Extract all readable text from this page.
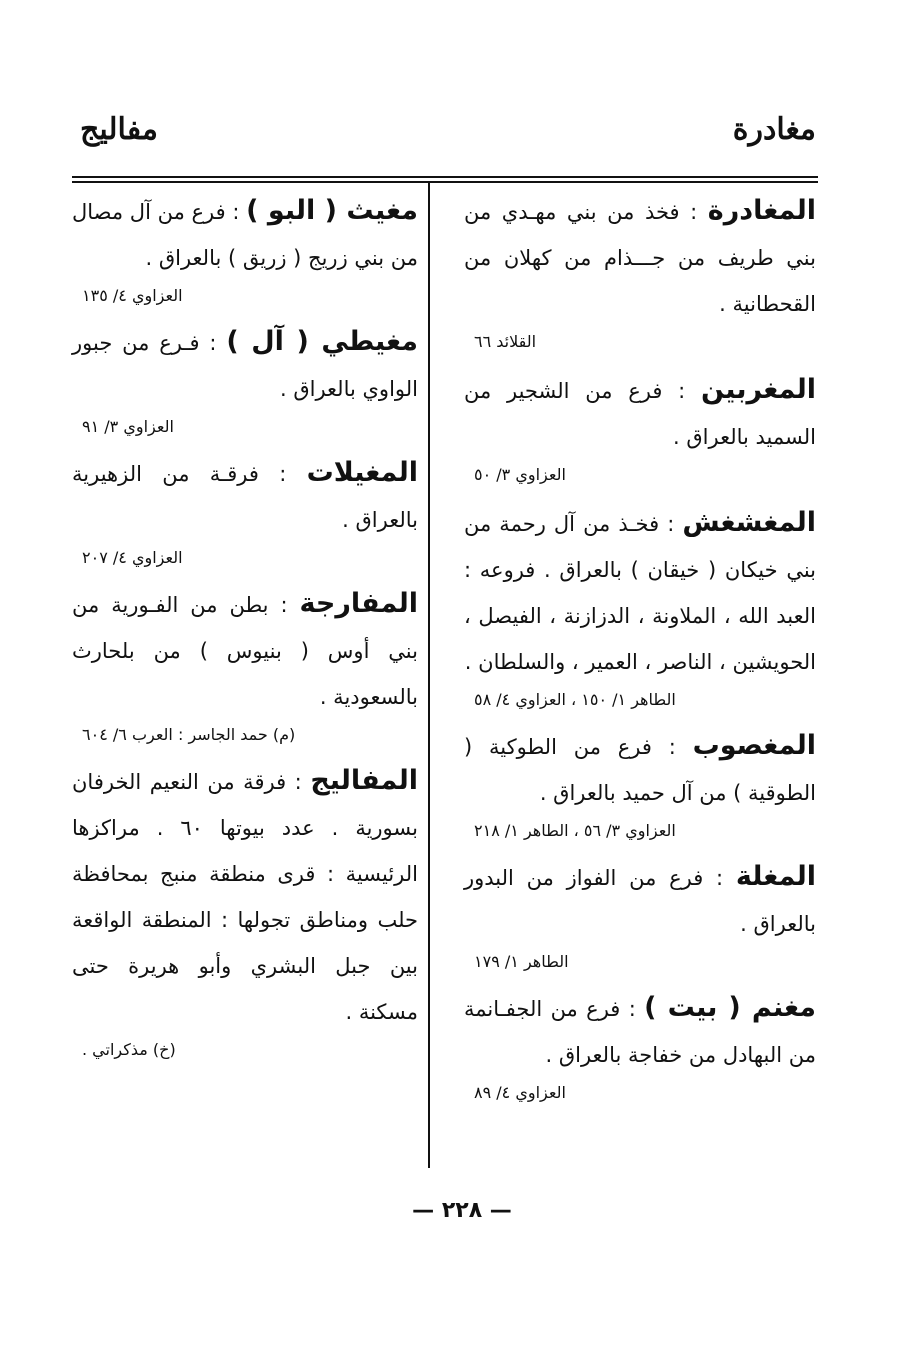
مغادرة
مفاليج
المغادرة : فخذ من بني مهـدي من بني طريف من جـــذام من كهلان من القحطانية .
القلائد ٦٦
المغربين : فرع من الشجير من السميد بالعراق .
العزاوي ٣/ ٥٠
المغشغش : فخـذ من آل رحمة من بني خيكان ( خيقان ) بالعراق . فروعه : العبد الله ، الملاونة ، الدزازنة ، الفيصل ، الحويشين ، الناصر ، العمير ، والسلطان .
الطاهر ١/ ١٥٠ ، العزاوي ٤/ ٥٨
المغصوب : فرع من الطوكية ( الطوقية ) من آل حميد بالعراق .
العزاوي ٣/ ٥٦ ، الطاهر ١/ ٢١٨
المغلة : فرع من الفواز من البدور بالعراق .
الطاهر ١/ ١٧٩
مغنم ( بيت ) : فرع من الجفـانمة من البهادل من خفاجة بالعراق .
العزاوي ٤/ ٨٩
مغيث ( البو ) : فرع من آل مصال من بني زريج ( زريق ) بالعراق .
العزاوي ٤/ ١٣٥
مغيطي ( آل ) : فـرع من جبور الواوي بالعراق .
العزاوي ٣/ ٩١
المغيلات : فرقـة من الزهيرية بالعراق .
العزاوي ٤/ ٢٠٧
المفارجة : بطن من الفـورية من بني أوس ( بنيوس ) من بلحارث بالسعودية .
(م) حمد الجاسر : العرب ٦/ ٦٠٤
المفاليج : فرقة من النعيم الخرفان بسورية . عدد بيوتها ٦٠ . مراكزها الرئيسية : قرى منطقة منبج بمحافظة حلب ومناطق تجولها : المنطقة الواقعة بين جبل البشري وأبو هريرة حتى مسكنة .
(خ) مذكراتي .
— ٢٢٨ —
